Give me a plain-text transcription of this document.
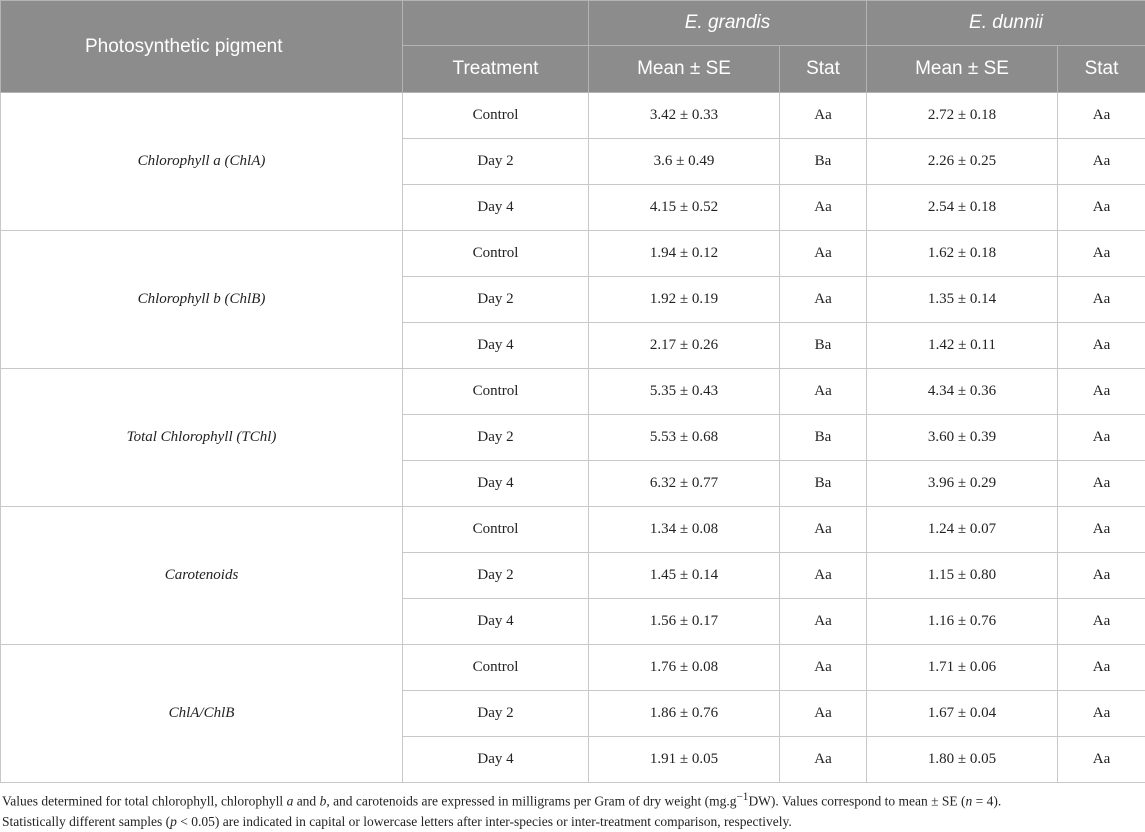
Photosynthetic pigment		E. grandis		E. dunnii	
	Treatment	Mean ± SE	Stat	Mean ± SE	Stat
Chlorophyll a (ChlA)	Control	3.42 ± 0.33	Aa	2.72 ± 0.18	Aa
	Day 2	3.6 ± 0.49	Ba	2.26 ± 0.25	Aa
	Day 4	4.15 ± 0.52	Aa	2.54 ± 0.18	Aa
Chlorophyll b (ChlB)	Control	1.94 ± 0.12	Aa	1.62 ± 0.18	Aa
	Day 2	1.92 ± 0.19	Aa	1.35 ± 0.14	Aa
	Day 4	2.17 ± 0.26	Ba	1.42 ± 0.11	Aa
Total Chlorophyll (TChl)	Control	5.35 ± 0.43	Aa	4.34 ± 0.36	Aa
	Day 2	5.53 ± 0.68	Ba	3.60 ± 0.39	Aa
	Day 4	6.32 ± 0.77	Ba	3.96 ± 0.29	Aa
Carotenoids	Control	1.34 ± 0.08	Aa	1.24 ± 0.07	Aa
	Day 2	1.45 ± 0.14	Aa	1.15 ± 0.80	Aa
	Day 4	1.56 ± 0.17	Aa	1.16 ± 0.76	Aa
ChlA/ChlB	Control	1.76 ± 0.08	Aa	1.71 ± 0.06	Aa
	Day 2	1.86 ± 0.76	Aa	1.67 ± 0.04	Aa
	Day 4	1.91 ± 0.05	Aa	1.80 ± 0.05	Aa

Values determined for total chlorophyll, chlorophyll a and b, and carotenoids are expressed in milligrams per Gram of dry weight $(mg.g^{-1}DW)$. Values correspond to mean ± SE (n = 4).

Statistically different samples (p < 0.05) are indicated in capital or lowercase letters after inter-species or inter-treatment comparison, respectively.
